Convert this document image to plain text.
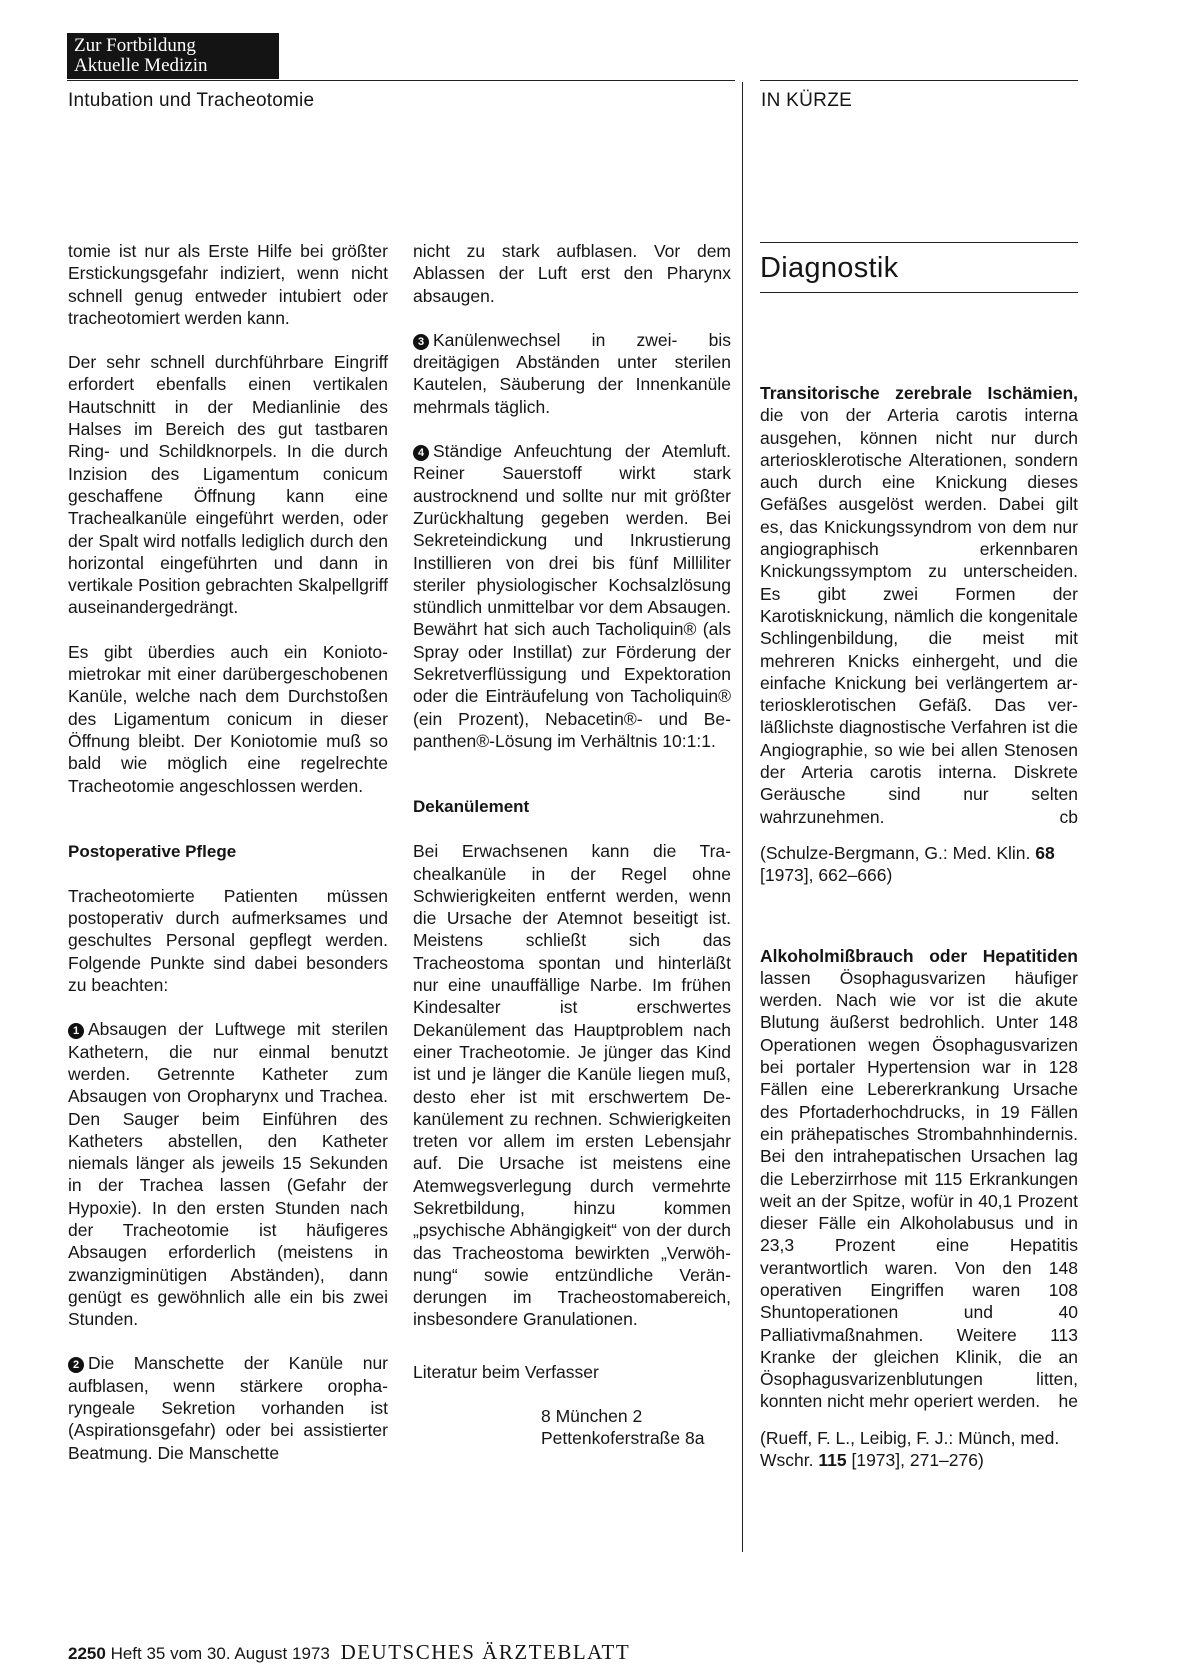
Zur Fortbildung
Aktuelle Medizin
Intubation und Tracheotomie	IN KÜRZE

tomie ist nur als Erste Hilfe bei größter Erstickungsgefahr indiziert, wenn nicht schnell genug entweder intubiert oder tracheotomiert werden kann.

Der sehr schnell durchführbare Eingriff erfordert ebenfalls einen vertikalen Hautschnitt in der Medianlinie des Halses im Bereich des gut tastbaren Ring- und Schildknorpels. In die durch Inzision des Ligamentum conicum geschaffene Öffnung kann eine Trachealkanüle eingeführt werden, oder der Spalt wird notfalls lediglich durch den horizontal eingeführten und dann in vertikale Position gebrachten Skalpellgriff auseinandergedrängt.

Es gibt überdies auch ein Koniotomietrokar mit einer darübergeschobenen Kanüle, welche nach dem Durchstoßen des Ligamentum conicum in dieser Öffnung bleibt. Der Koniotomie muß so bald wie möglich eine regelrechte Tracheotomie angeschlossen werden.

Postoperative Pflege

Tracheotomierte Patienten müssen postoperativ durch aufmerksames und geschultes Personal gepflegt werden. Folgende Punkte sind dabei besonders zu beachten:

1 Absaugen der Luftwege mit sterilen Kathetern, die nur einmal benutzt werden. Getrennte Katheter zum Absaugen von Oropharynx und Trachea. Den Sauger beim Einführen des Katheters abstellen, den Katheter niemals länger als jeweils 15 Sekunden in der Trachea lassen (Gefahr der Hypoxie). In den ersten Stunden nach der Tracheotomie ist häufigeres Absaugen erforderlich (meistens in zwanzigminütigen Abständen), dann genügt es gewöhnlich alle ein bis zwei Stunden.

2 Die Manschette der Kanüle nur aufblasen, wenn stärkere oropharyngeale Sekretion vorhanden ist (Aspirationsgefahr) oder bei assistierter Beatmung. Die Manschette

nicht zu stark aufblasen. Vor dem Ablassen der Luft erst den Pharynx absaugen.

3 Kanülenwechsel in zwei- bis dreitägigen Abständen unter sterilen Kautelen, Säuberung der Innenkanüle mehrmals täglich.

4 Ständige Anfeuchtung der Atemluft. Reiner Sauerstoff wirkt stark austrocknend und sollte nur mit größter Zurückhaltung gegeben werden. Bei Sekreteindickung und Inkrustierung Instillieren von drei bis fünf Milliliter steriler physiologischer Kochsalzlösung stündlich unmittelbar vor dem Absaugen. Bewährt hat sich auch Tacholiquin® (als Spray oder Instillat) zur Förderung der Sekretverflüssigung und Expektoration oder die Einträufelung von Tacholiquin® (ein Prozent), Nebacetin®- und Bepanthen®-Lösung im Verhältnis 10:1:1.

Dekanülement

Bei Erwachsenen kann die Trachealkanüle in der Regel ohne Schwierigkeiten entfernt werden, wenn die Ursache der Atemnot beseitigt ist. Meistens schließt sich das Tracheostoma spontan und hinterläßt nur eine unauffällige Narbe. Im frühen Kindesalter ist erschwertes Dekanülement das Hauptproblem nach einer Tracheotomie. Je jünger das Kind ist und je länger die Kanüle liegen muß, desto eher ist mit erschwertem Dekanülement zu rechnen. Schwierigkeiten treten vor allem im ersten Lebensjahr auf. Die Ursache ist meistens eine Atemwegsverlegung durch vermehrte Sekretbildung, hinzu kommen „psychische Abhängigkeit“ von der durch das Tracheostoma bewirkten „Verwöhnung“ sowie entzündliche Veränderungen im Tracheostomabereich, insbesondere Granulationen.

Literatur beim Verfasser

8 München 2
Pettenkoferstraße 8a
Diagnostik

Transitorische zerebrale Ischämien, die von der Arteria carotis interna ausgehen, können nicht nur durch arteriosklerotische Alterationen, sondern auch durch eine Knickung dieses Gefäßes ausgelöst werden. Dabei gilt es, das Knickungssyndrom von dem nur angiographisch erkennbaren Knickungssymptom zu unterscheiden. Es gibt zwei Formen der Karotisknickung, nämlich die kongenitale Schlingenbildung, die meist mit mehreren Knicks einhergeht, und die einfache Knickung bei verlängertem arteriosklerotischen Gefäß. Das verläßlichste diagnostische Verfahren ist die Angiographie, so wie bei allen Stenosen der Arteria carotis interna. Diskrete Geräusche sind nur selten wahrzunehmen.	cb

(Schulze-Bergmann, G.: Med. Klin. 68 [1973], 662–666)

Alkoholmißbrauch oder Hepatitiden lassen Ösophagusvarizen häufiger werden. Nach wie vor ist die akute Blutung äußerst bedrohlich. Unter 148 Operationen wegen Ösophagusvarizen bei portaler Hypertension war in 128 Fällen eine Lebererkrankung Ursache des Pfortaderhochdrucks, in 19 Fällen ein prähepatisches Strombahnhindernis. Bei den intrahepatischen Ursachen lag die Leberzirrhose mit 115 Erkrankungen weit an der Spitze, wofür in 40,1 Prozent dieser Fälle ein Alkoholabusus und in 23,3 Prozent eine Hepatitis verantwortlich waren. Von den 148 operativen Eingriffen waren 108 Shuntoperationen und 40 Palliativmaßnahmen. Weitere 113 Kranke der gleichen Klinik, die an Ösophagusvarizenblutungen litten, konnten nicht mehr operiert werden. he

(Rueff, F. L., Leibig, F. J.: Münch, med. Wschr. 115 [1973], 271–276)

2250 Heft 35 vom 30. August 1973 DEUTSCHES ÄRZTEBLATT
